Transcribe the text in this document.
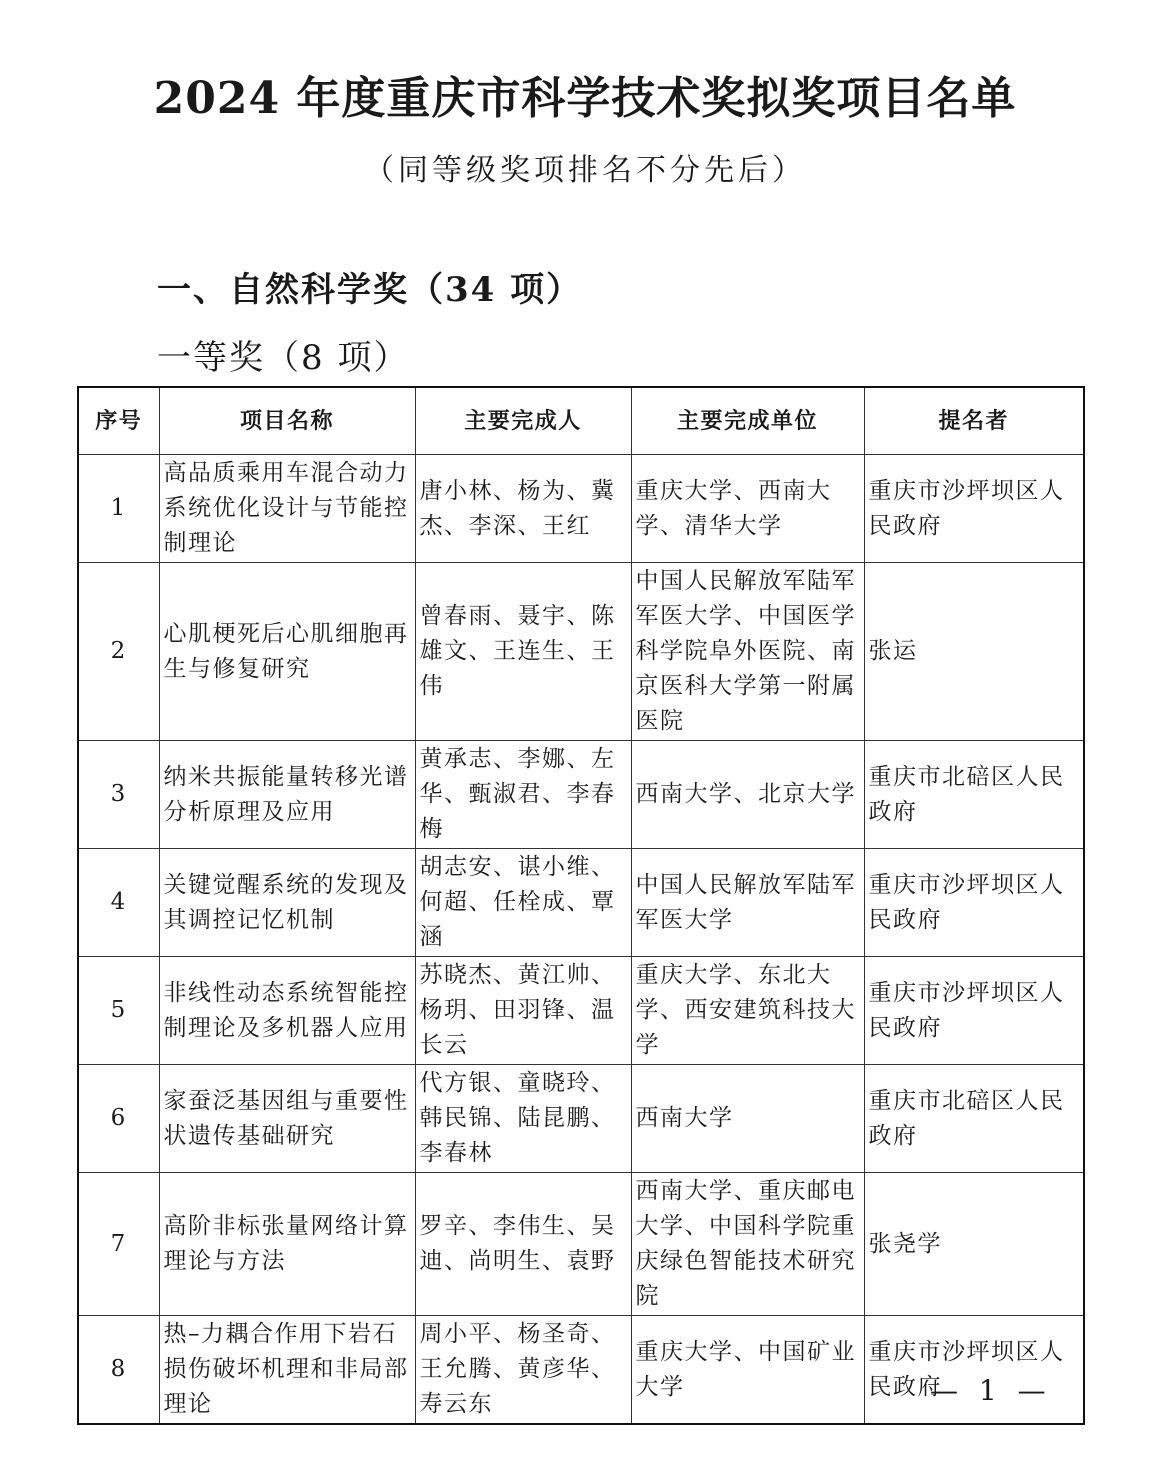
2024 年度重庆市科学技术奖拟奖项目名单
（同等级奖项排名不分先后）
一、自然科学奖（34 项）
一等奖（8 项）
序号	项目名称	主要完成人	主要完成单位	提名者
1	高品质乘用车混合动力系统优化设计与节能控制理论	唐小林、杨为、冀杰、李深、王红	重庆大学、西南大学、清华大学	重庆市沙坪坝区人民政府
2	心肌梗死后心肌细胞再生与修复研究	曾春雨、聂宇、陈雄文、王连生、王伟	中国人民解放军陆军军医大学、中国医学科学院阜外医院、南京医科大学第一附属医院	张运
3	纳米共振能量转移光谱分析原理及应用	黄承志、李娜、左华、甄淑君、李春梅	西南大学、北京大学	重庆市北碚区人民政府
4	关键觉醒系统的发现及其调控记忆机制	胡志安、谌小维、何超、任栓成、覃涵	中国人民解放军陆军军医大学	重庆市沙坪坝区人民政府
5	非线性动态系统智能控制理论及多机器人应用	苏晓杰、黄江帅、杨玥、田羽锋、温长云	重庆大学、东北大学、西安建筑科技大学	重庆市沙坪坝区人民政府
6	家蚕泛基因组与重要性状遗传基础研究	代方银、童晓玲、韩民锦、陆昆鹏、李春林	西南大学	重庆市北碚区人民政府
7	高阶非标张量网络计算理论与方法	罗辛、李伟生、吴迪、尚明生、袁野	西南大学、重庆邮电大学、中国科学院重庆绿色智能技术研究院	张尧学
8	热–力耦合作用下岩石损伤破坏机理和非局部理论	周小平、杨圣奇、王允腾、黄彦华、寿云东	重庆大学、中国矿业大学	重庆市沙坪坝区人民政府
— 1 —
